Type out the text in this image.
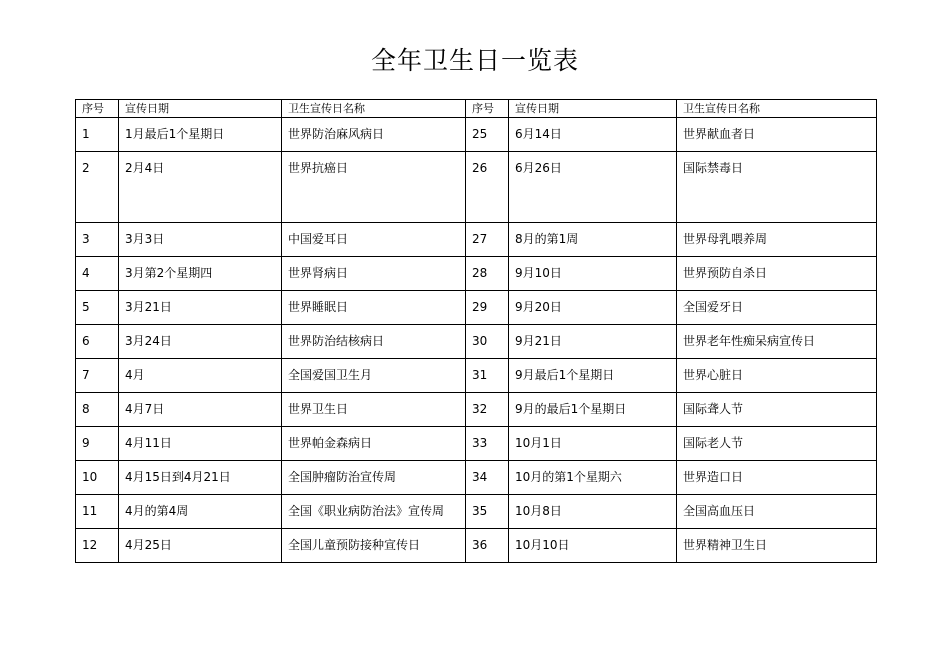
全年卫生日一览表
序号	宣传日期	卫生宣传日名称	序号	宣传日期	卫生宣传日名称
1	1月最后1个星期日	世界防治麻风病日	25	6月14日	世界献血者日
2	2月4日	世界抗癌日	26	6月26日	国际禁毒日
3	3月3日	中国爱耳日	27	8月的第1周	世界母乳喂养周
4	3月第2个星期四	世界肾病日	28	9月10日	世界预防自杀日
5	3月21日	世界睡眠日	29	9月20日	全国爱牙日
6	3月24日	世界防治结核病日	30	9月21日	世界老年性痴呆病宣传日
7	4月	全国爱国卫生月	31	9月最后1个星期日	世界心脏日
8	4月7日	世界卫生日	32	9月的最后1个星期日	国际聋人节
9	4月11日	世界帕金森病日	33	10月1日	国际老人节
10	4月15日到4月21日	全国肿瘤防治宣传周	34	10月的第1个星期六	世界造口日
11	4月的第4周	全国《职业病防治法》宣传周	35	10月8日	全国高血压日
12	4月25日	全国儿童预防接种宣传日	36	10月10日	世界精神卫生日
